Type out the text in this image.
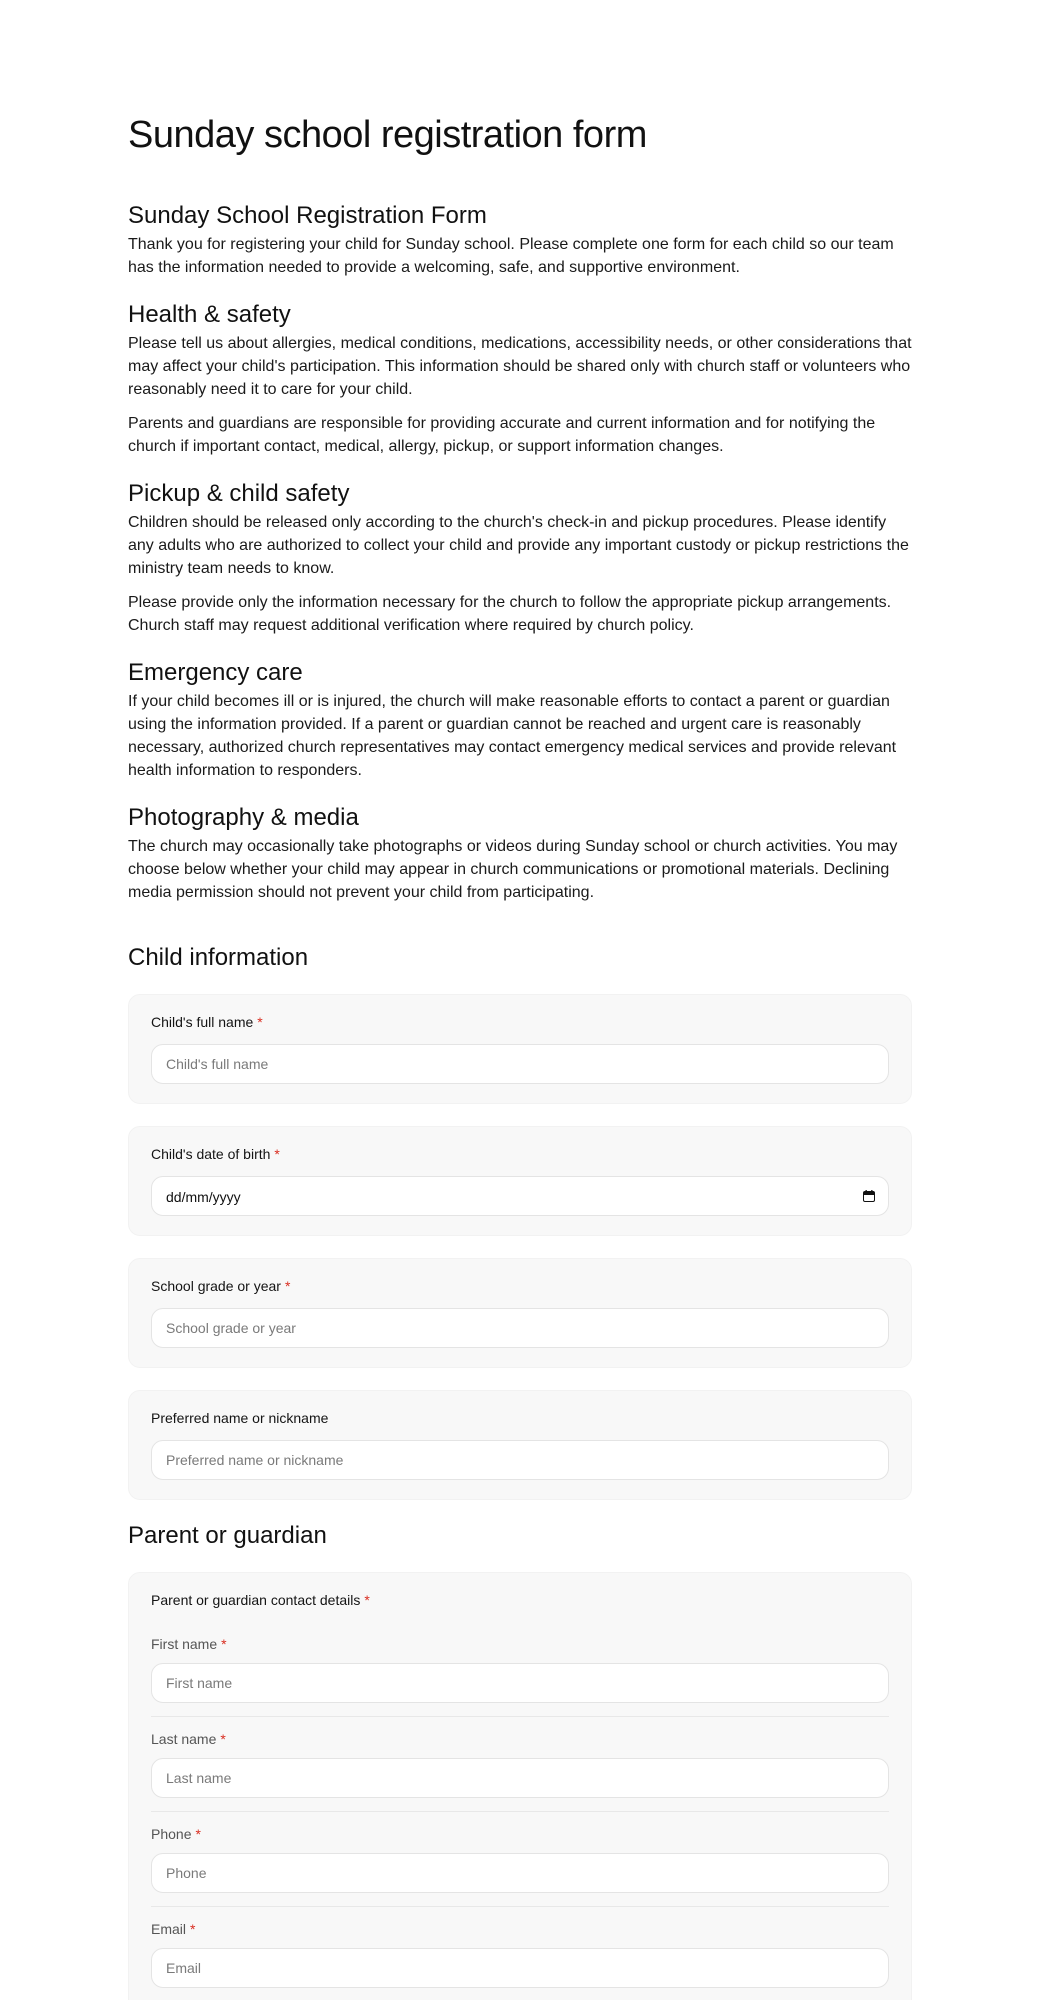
Sunday school registration form
Sunday School Registration Form

Thank you for registering your child for Sunday school. Please complete one form for each child so our team has the information needed to provide a welcoming, safe, and supportive environment.

Health & safety

Please tell us about allergies, medical conditions, medications, accessibility needs, or other considerations that may affect your child's participation. This information should be shared only with church staff or volunteers who reasonably need it to care for your child.

Parents and guardians are responsible for providing accurate and current information and for notifying the church if important contact, medical, allergy, pickup, or support information changes.

Pickup & child safety

Children should be released only according to the church's check-in and pickup procedures. Please identify any adults who are authorized to collect your child and provide any important custody or pickup restrictions the ministry team needs to know.

Please provide only the information necessary for the church to follow the appropriate pickup arrangements. Church staff may request additional verification where required by church policy.

Emergency care

If your child becomes ill or is injured, the church will make reasonable efforts to contact a parent or guardian using the information provided. If a parent or guardian cannot be reached and urgent care is reasonably necessary, authorized church representatives may contact emergency medical services and provide relevant health information to responders.

Photography & media

The church may occasionally take photographs or videos during Sunday school or church activities. You may choose below whether your child may appear in church communications or promotional materials. Declining media permission should not prevent your child from participating.

Child information
Child's full name *
Child's full name
Child's date of birth *
dd/mm/yyyy
School grade or year *
School grade or year
Preferred name or nickname
Preferred name or nickname
Parent or guardian
Parent or guardian contact details *
First name *
First name
Last name *
Last name
Phone *
Phone
Email *
Email
